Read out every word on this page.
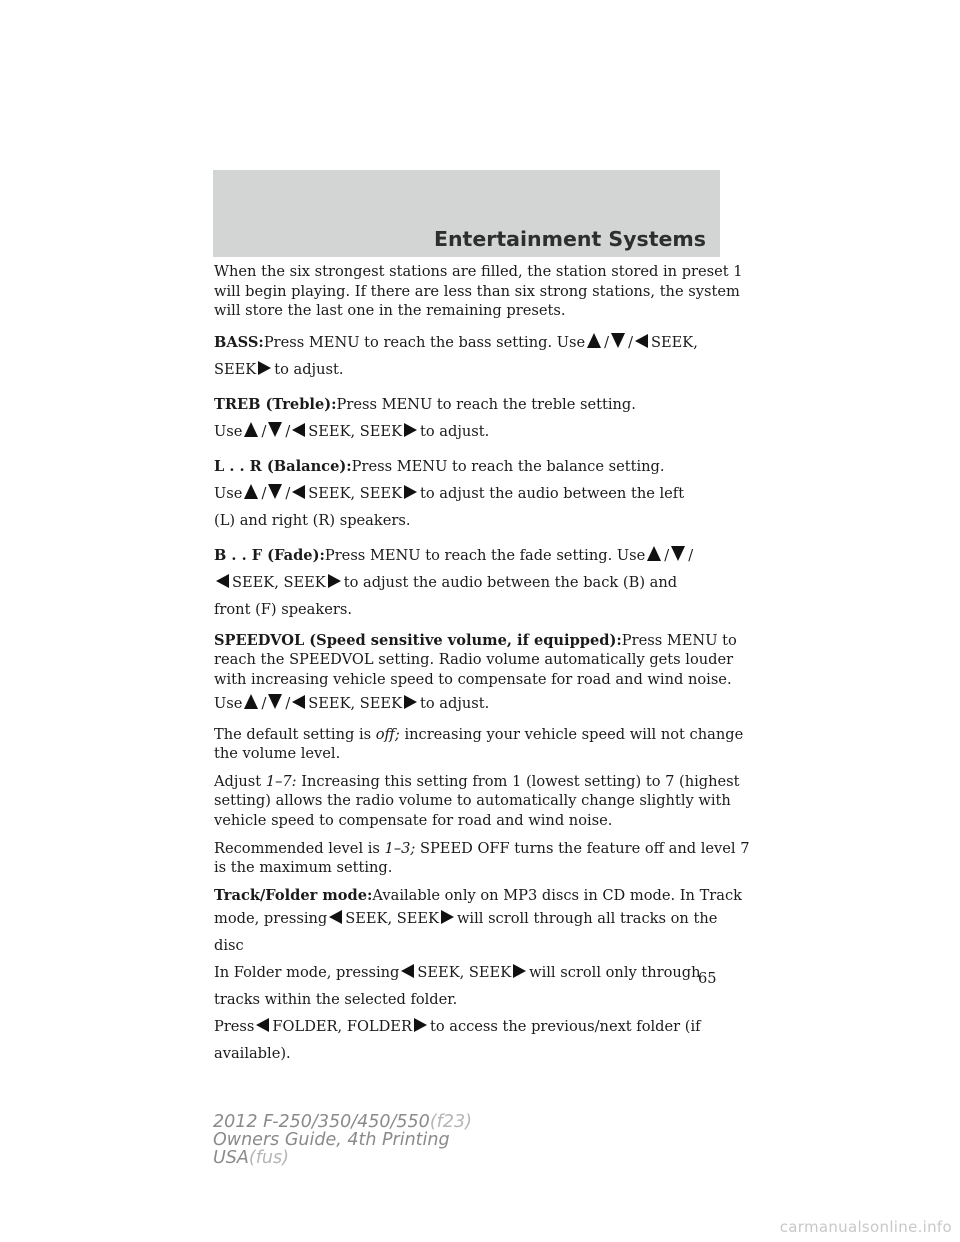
Entertainment Systems

When the six strongest stations are filled, the station stored in preset 1
will begin playing. If there are less than six strong stations, the system
will store the last one in the remaining presets.

BASS:Press MENU to reach the bass setting. Use / / SEEK,
SEEK to adjust.

TREB (Treble):Press MENU to reach the treble setting.
Use / / SEEK, SEEK to adjust.

L . . R (Balance):Press MENU to reach the balance setting.
Use / / SEEK, SEEK to adjust the audio between the left
(L) and right (R) speakers.

B . . F (Fade):Press MENU to reach the fade setting. Use / /
SEEK, SEEK to adjust the audio between the back (B) and
front (F) speakers.

SPEEDVOL (Speed sensitive volume, if equipped):Press MENU to
reach the SPEEDVOL setting. Radio volume automatically gets louder
with increasing vehicle speed to compensate for road and wind noise.
Use / / SEEK, SEEK to adjust.

The default setting is off; increasing your vehicle speed will not change
the volume level.

Adjust 1–7: Increasing this setting from 1 (lowest setting) to 7 (highest
setting) allows the radio volume to automatically change slightly with
vehicle speed to compensate for road and wind noise.

Recommended level is 1–3; SPEED OFF turns the feature off and level 7
is the maximum setting.

Track/Folder mode:Available only on MP3 discs in CD mode. In Track
mode, pressing SEEK, SEEK will scroll through all tracks on the
disc
In Folder mode, pressing SEEK, SEEK will scroll only through
tracks within the selected folder.
Press FOLDER, FOLDER to access the previous/next folder (if
available).

65
2012 F-250/350/450/550(f23)
Owners Guide, 4th Printing
USA(fus)
carmanualsonline.info
